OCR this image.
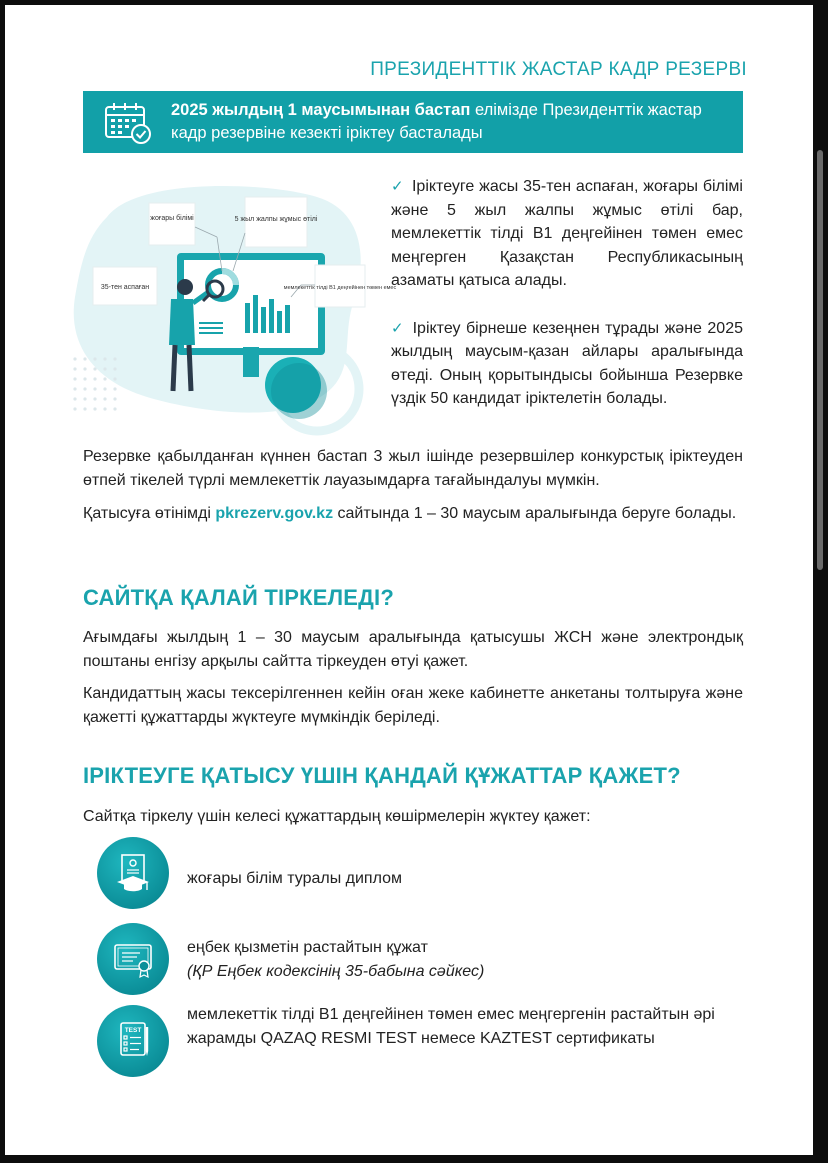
ПРЕЗИДЕНТТІК ЖАСТАР КАДР РЕЗЕРВІ
2025 жылдың 1 маусымынан бастап елімізде Президенттік жастар кадр резервіне кезекті іріктеу басталады
жоғары білімі	5 жыл жалпы жұмыс өтілі
35-тен аспаған	мемлекеттік тілді В1 деңгейінен төмен емес

✓ Іріктеуге жасы 35-тен аспаған, жоғары білімі және 5 жыл жалпы жұмыс өтілі бар, мемлекеттік тілді В1 деңгейінен төмен емес меңгерген Қазақстан Республикасының азаматы қатыса алады.

✓ Іріктеу бірнеше кезеңнен тұрады және 2025 жылдың маусым-қазан айлары аралығында өтеді. Оның қорытындысы бойынша Резервке үздік 50 кандидат іріктелетін болады.

Резервке қабылданған күннен бастап 3 жыл ішінде резервшілер конкурстық іріктеуден өтпей тікелей түрлі мемлекеттік лауазымдарға тағайындалуы мүмкін.

Қатысуға өтінімді pkrezerv.gov.kz сайтында 1 – 30 маусым аралығында беруге болады.

САЙТҚА ҚАЛАЙ ТІРКЕЛЕДІ?

Ағымдағы жылдың 1 – 30 маусым аралығында қатысушы ЖСН және электрондық поштаны енгізу арқылы сайтта тіркеуден өтуі қажет.

Кандидаттың жасы тексерілгеннен кейін оған жеке кабинетте анкетаны толтыруға және қажетті құжаттарды жүктеуге мүмкіндік беріледі.

ІРІКТЕУГЕ ҚАТЫСУ ҮШІН ҚАНДАЙ ҚҰЖАТТАР ҚАЖЕТ?

Сайтқа тіркелу үшін келесі құжаттардың көшірмелерін жүктеу қажет:

жоғары білім туралы диплом
еңбек қызметін растайтын құжат
(ҚР Еңбек кодексінің 35-бабына сәйкес)
TEST
мемлекеттік тілді В1 деңгейінен төмен емес меңгергенін растайтын әрі жарамды QAZAQ RESMI TEST немесе KAZTEST сертификаты
